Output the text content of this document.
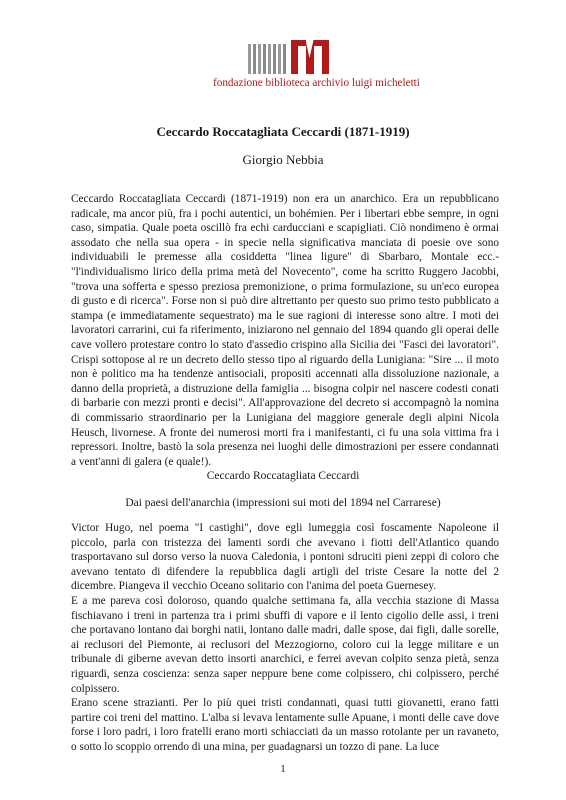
fondazione biblioteca archivio luigi micheletti
Ceccardo Roccatagliata Ceccardi (1871-1919)
Giorgio Nebbia

Ceccardo Roccatagliata Ceccardi (1871-1919) non era un anarchico. Era un repubblicano radicale, ma ancor più, fra i pochi autentici, un bohémien. Per i libertari ebbe sempre, in ogni caso, simpatia. Quale poeta oscillò fra echi carducciani e scapigliati. Ciò nondimeno è ormai assodato che nella sua opera - in specie nella significativa manciata di poesie ove sono individuabili le premesse alla cosiddetta "linea ligure" di Sbarbaro, Montale ecc.- "l'individualismo lirico della prima metà del Novecento", come ha scritto Ruggero Jacobbi, "trova una sofferta e spesso preziosa premonizione, o prima formulazione, su un'eco europea di gusto e di ricerca". Forse non si può dire altrettanto per questo suo primo testo pubblicato a stampa (e immediatamente sequestrato) ma le sue ragioni di interesse sono altre. I moti dei lavoratori carrarini, cui fa riferimento, iniziarono nel gennaio del 1894 quando gli operai delle cave vollero protestare contro lo stato d'assedio crispino alla Sicilia dei "Fasci dei lavoratori". Crispi sottopose al re un decreto dello stesso tipo al riguardo della Lunigiana: "Sire ... il moto non è politico ma ha tendenze antisociali, propositi accennati alla dissoluzione nazionale, a danno della proprietà, a distruzione della famiglia ... bisogna colpir nel nascere codesti conati di barbarie con mezzi pronti e decisi". All'approvazione del decreto si accompagnò la nomina di commissario straordinario per la Lunigiana del maggiore generale degli alpini Nicola Heusch, livornese. A fronte dei numerosi morti fra i manifestanti, ci fu una sola vittima fra i repressori. Inoltre, bastò la sola presenza nei luoghi delle dimostrazioni per essere condannati a vent'anni di galera (e quale!).

Ceccardo Roccatagliata Ceccardi
Dai paesi dell'anarchia (impressioni sui moti del 1894 nel Carrarese)

Victor Hugo, nel poema "I castighi", dove egli lumeggia così foscamente Napoleone il piccolo, parla con tristezza dei lamenti sordi che avevano i fiotti dell'Atlantico quando trasportavano sul dorso verso la nuova Caledonia, i pontoni sdruciti pieni zeppi di coloro che avevano tentato di difendere la repubblica dagli artigli del triste Cesare la notte del 2 dicembre. Piangeva il vecchio Oceano solitario con l'anima del poeta Guernesey.

E a me pareva così doloroso, quando qualche settimana fa, alla vecchia stazione di Massa fischiavano i treni in partenza tra i primi sbuffi di vapore e il lento cigolio delle assi, i treni che portavano lontano dai borghi natii, lontano dalle madri, dalle spose, dai figli, dalle sorelle, ai reclusori del Piemonte, ai reclusori del Mezzogiorno, coloro cui la legge militare e un tribunale di giberne avevan detto insorti anarchici, e ferrei avevan colpito senza pietà, senza riguardi, senza coscienza: senza saper neppure bene come colpissero, chi colpissero, perché colpissero.

Erano scene strazianti. Per lo più quei tristi condannati, quasi tutti giovanetti, erano fatti partire coi treni del mattino. L'alba si levava lentamente sulle Apuane, i monti delle cave dove forse i loro padri, i loro fratelli erano morti schiacciati da un masso rotolante per un ravaneto, o sotto lo scoppio orrendo di una mina, per guadagnarsi un tozzo di pane. La luce

1
